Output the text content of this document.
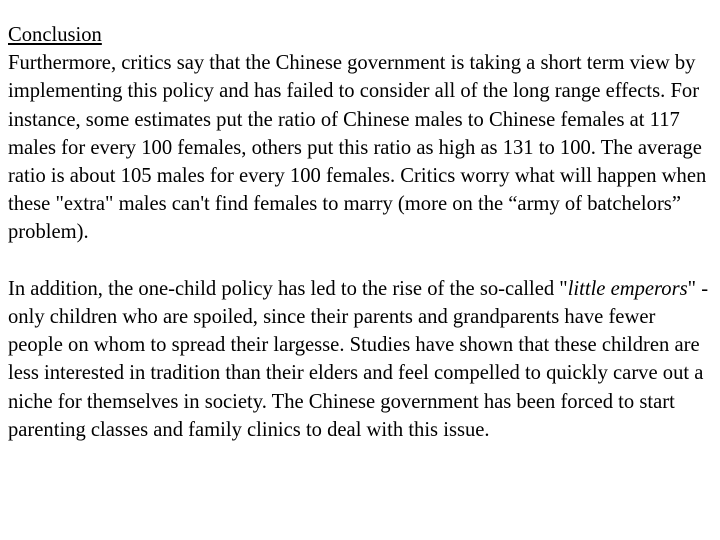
Conclusion

Furthermore, critics say that the Chinese government is taking a short term view by implementing this policy and has failed to consider all of the long range effects. For instance, some estimates put the ratio of Chinese males to Chinese females at 117 males for every 100 females, others put this ratio as high as 131 to 100. The average ratio is about 105 males for every 100 females. Critics worry what will happen when these "extra" males can't find females to marry (more on the “army of batchelors” problem).

In addition, the one-child policy has led to the rise of the so-called "little emperors" - only children who are spoiled, since their parents and grandparents have fewer people on whom to spread their largesse. Studies have shown that these children are less interested in tradition than their elders and feel compelled to quickly carve out a niche for themselves in society. The Chinese government has been forced to start parenting classes and family clinics to deal with this issue.
